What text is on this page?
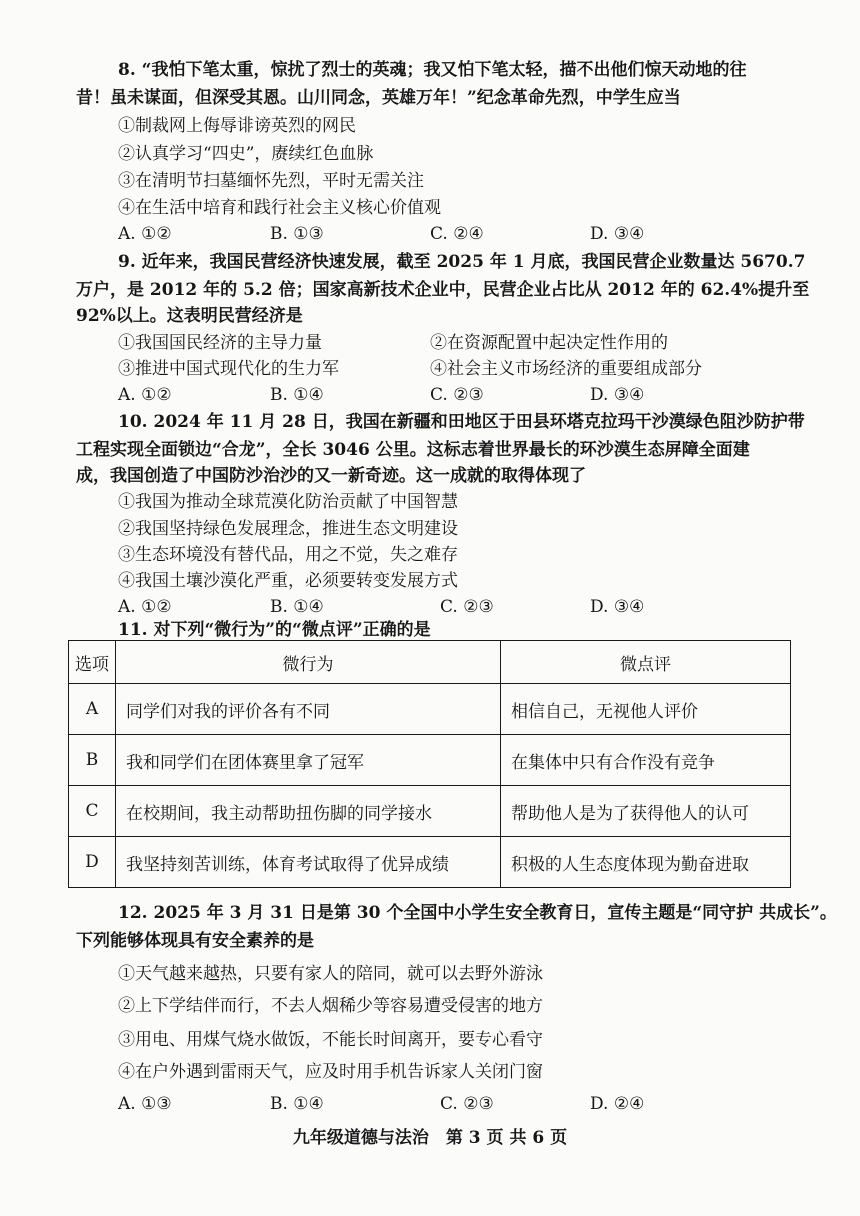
8. “我怕下笔太重，惊扰了烈士的英魂；我又怕下笔太轻，描不出他们惊天动地的往
昔！虽未谋面，但深受其恩。山川同念，英雄万年！”纪念革命先烈，中学生应当
①制裁网上侮辱诽谤英烈的网民
②认真学习“四史”，赓续红色血脉
③在清明节扫墓缅怀先烈，平时无需关注
④在生活中培育和践行社会主义核心价值观
A. ①②	B. ①③	C. ②④	D. ③④
9. 近年来，我国民营经济快速发展，截至 2025 年 1 月底，我国民营企业数量达 5670.7
万户，是 2012 年的 5.2 倍；国家高新技术企业中，民营企业占比从 2012 年的 62.4%提升至
92%以上。这表明民营经济是
①我国国民经济的主导力量	②在资源配置中起决定性作用的
③推进中国式现代化的生力军	④社会主义市场经济的重要组成部分
A. ①②	B. ①④	C. ②③	D. ③④
10. 2024 年 11 月 28 日，我国在新疆和田地区于田县环塔克拉玛干沙漠绿色阻沙防护带
工程实现全面锁边“合龙”，全长 3046 公里。这标志着世界最长的环沙漠生态屏障全面建
成，我国创造了中国防沙治沙的又一新奇迹。这一成就的取得体现了
①我国为推动全球荒漠化防治贡献了中国智慧
②我国坚持绿色发展理念，推进生态文明建设
③生态环境没有替代品，用之不觉，失之难存
④我国土壤沙漠化严重，必须要转变发展方式
A. ①②	B. ①④	C. ②③	D. ③④
11. 对下列“微行为”的“微点评”正确的是
选项	微行为	微点评
A	同学们对我的评价各有不同	相信自己，无视他人评价
B	我和同学们在团体赛里拿了冠军	在集体中只有合作没有竞争
C	在校期间，我主动帮助扭伤脚的同学接水	帮助他人是为了获得他人的认可
D	我坚持刻苦训练，体育考试取得了优异成绩	积极的人生态度体现为勤奋进取
12. 2025 年 3 月 31 日是第 30 个全国中小学生安全教育日，宣传主题是“同守护 共成长”。
下列能够体现具有安全素养的是
①天气越来越热，只要有家人的陪同，就可以去野外游泳
②上下学结伴而行，不去人烟稀少等容易遭受侵害的地方
③用电、用煤气烧水做饭，不能长时间离开，要专心看守
④在户外遇到雷雨天气，应及时用手机告诉家人关闭门窗
A. ①③	B. ①④	C. ②③	D. ②④
九年级道德与法治　第 3 页 共 6 页
